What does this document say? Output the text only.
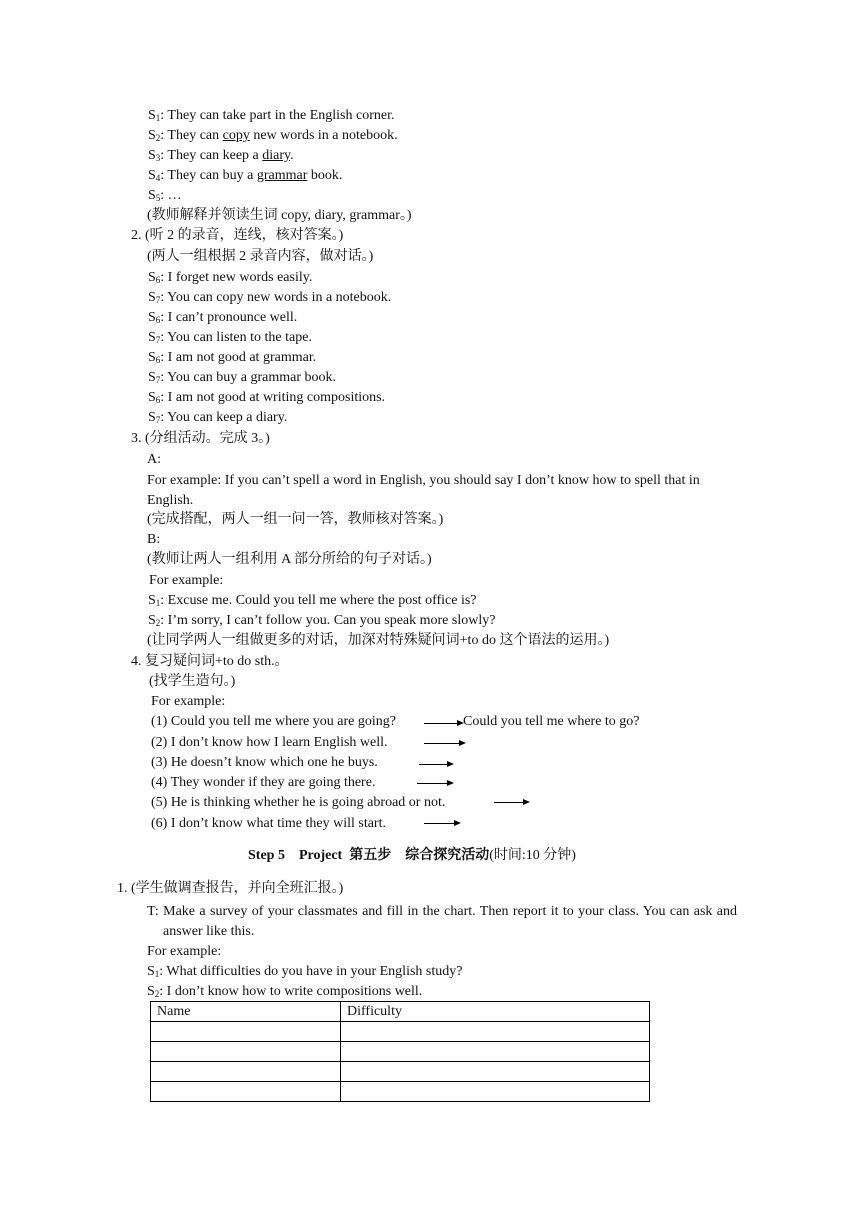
$S_1$: They can take part in the English corner.
$S_2$: They can copy new words in a notebook.
$S_3$: They can keep a diary.
$S_4$: They can buy a grammar book.
$S_5$: …
(教师解释并领读生词 copy, diary, grammar。)
2. (听 2 的录音，连线，核对答案。)
(两人一组根据 2 录音内容，做对话。)
$S_6$: I forget new words easily.
$S_7$: You can copy new words in a notebook.
$S_6$: I can’t pronounce well.
$S_7$: You can listen to the tape.
$S_6$: I am not good at grammar.
$S_7$: You can buy a grammar book.
$S_6$: I am not good at writing compositions.
$S_7$: You can keep a diary.
3. (分组活动。完成 3。)
A:
For example: If you can’t spell a word in English, you should say I don’t know how to spell that in English.
(完成搭配，两人一组一问一答，教师核对答案。)
B:
(教师让两人一组利用 A 部分所给的句子对话。)
For example:
$S_1$: Excuse me. Could you tell me where the post office is?
$S_2$: I’m sorry, I can’t follow you. Can you speak more slowly?
(让同学两人一组做更多的对话，加深对特殊疑问词+to do 这个语法的运用。)
4. 复习疑问词+to do sth.。
(找学生造句。)
For example:
(1) Could you tell me where you are going?	Could you tell me where to go?
(2) I don’t know how I learn English well.
(3) He doesn’t know which one he buys.
(4) They wonder if they are going there.
(5) He is thinking whether he is going abroad or not.
(6) I don’t know what time they will start.
Step 5    Project  第五步    综合探究活动(时间:10 分钟)
1. (学生做调查报告，并向全班汇报。)
T: Make a survey of your classmates and fill in the chart. Then report it to your class. You can ask and answer like this.
For example:
$S_1$: What difficulties do you have in your English study?
$S_2$: I don’t know how to write compositions well.
Name	Difficulty
